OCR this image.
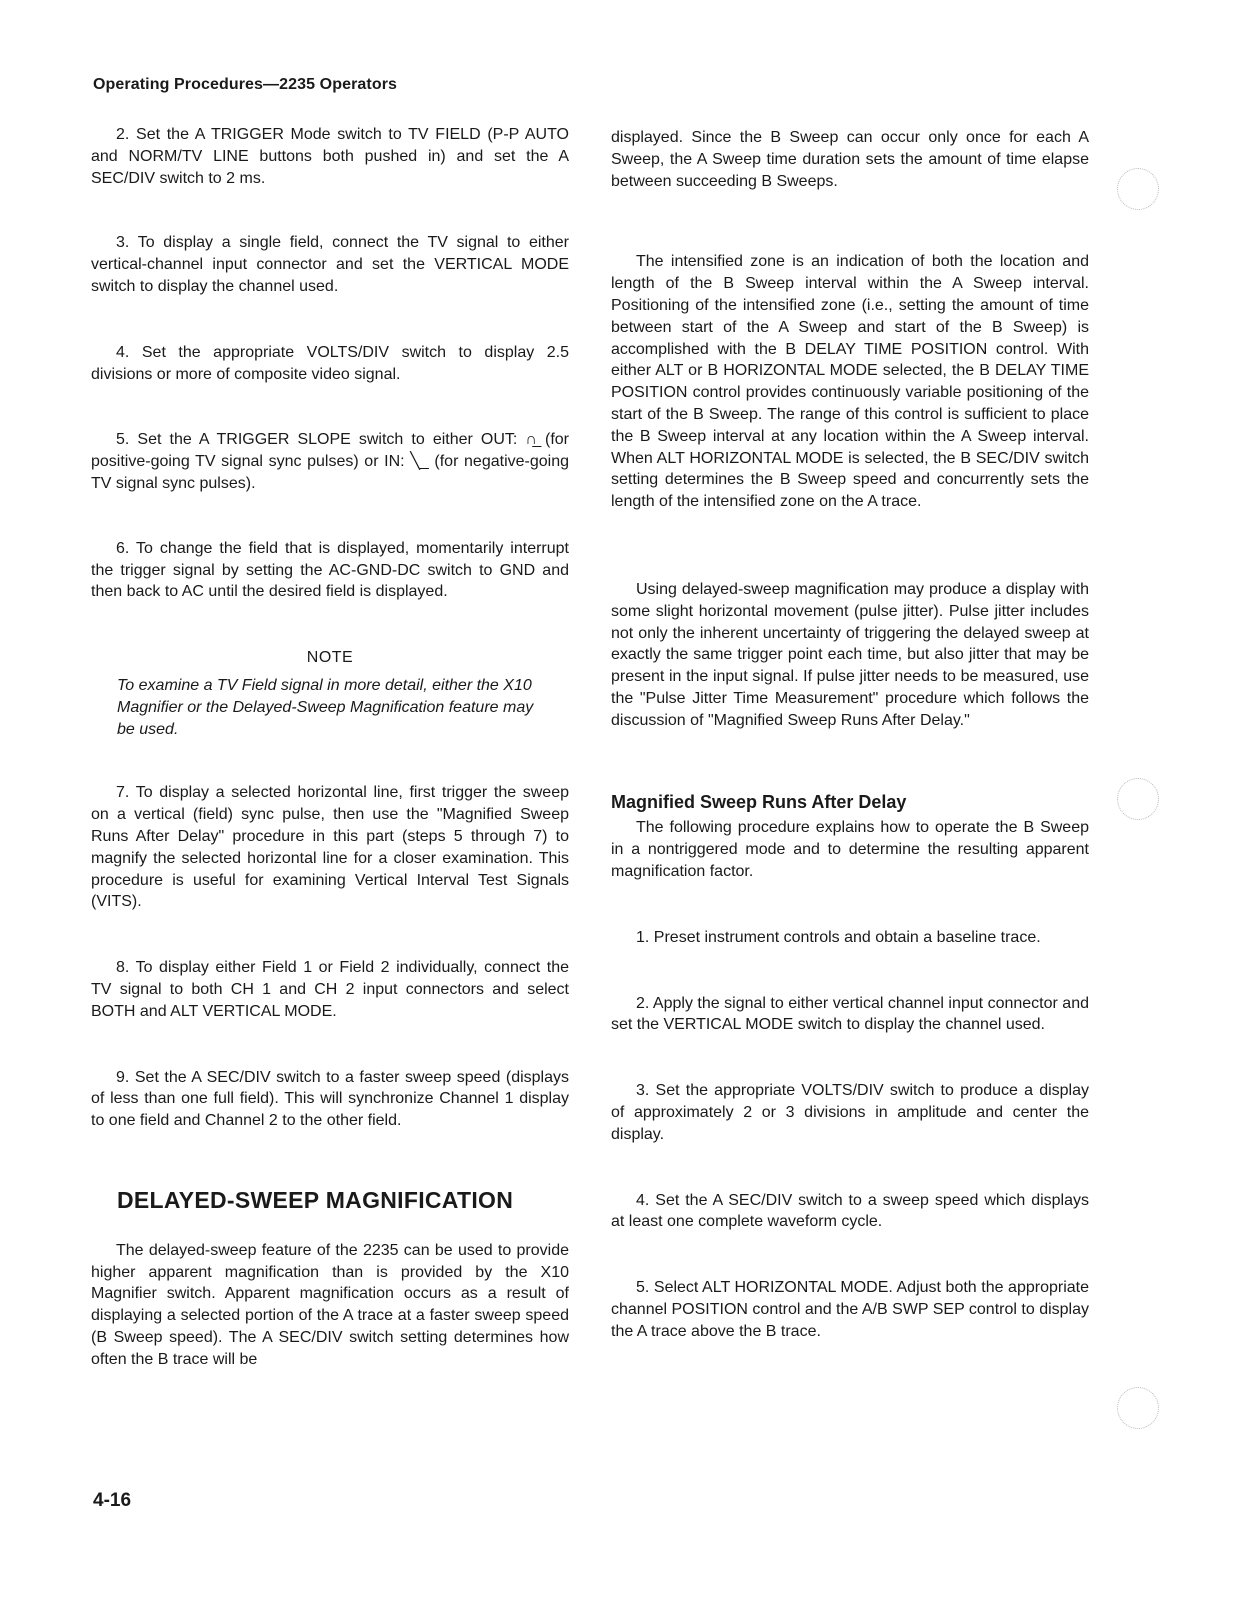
Operating Procedures—2235 Operators

2. Set the A TRIGGER Mode switch to TV FIELD (P-P AUTO and NORM/TV LINE buttons both pushed in) and set the A SEC/DIV switch to 2 ms.

3. To display a single field, connect the TV signal to either vertical-channel input connector and set the VERTICAL MODE switch to display the channel used.

4. Set the appropriate VOLTS/DIV switch to display 2.5 divisions or more of composite video signal.

5. Set the A TRIGGER SLOPE switch to either OUT: ∩̲ (for positive-going TV signal sync pulses) or IN: ╲_ (for negative-going TV signal sync pulses).

6. To change the field that is displayed, momentarily interrupt the trigger signal by setting the AC-GND-DC switch to GND and then back to AC until the desired field is displayed.

NOTE

To examine a TV Field signal in more detail, either the X10 Magnifier or the Delayed-Sweep Magnification feature may be used.

7. To display a selected horizontal line, first trigger the sweep on a vertical (field) sync pulse, then use the "Magnified Sweep Runs After Delay" procedure in this part (steps 5 through 7) to magnify the selected horizontal line for a closer examination. This procedure is useful for examining Vertical Interval Test Signals (VITS).

8. To display either Field 1 or Field 2 individually, connect the TV signal to both CH 1 and CH 2 input connectors and select BOTH and ALT VERTICAL MODE.

9. Set the A SEC/DIV switch to a faster sweep speed (displays of less than one full field). This will synchronize Channel 1 display to one field and Channel 2 to the other field.

DELAYED-SWEEP MAGNIFICATION

The delayed-sweep feature of the 2235 can be used to provide higher apparent magnification than is provided by the X10 Magnifier switch. Apparent magnification occurs as a result of displaying a selected portion of the A trace at a faster sweep speed (B Sweep speed). The A SEC/DIV switch setting determines how often the B trace will be

displayed. Since the B Sweep can occur only once for each A Sweep, the A Sweep time duration sets the amount of time elapse between succeeding B Sweeps.

The intensified zone is an indication of both the location and length of the B Sweep interval within the A Sweep interval. Positioning of the intensified zone (i.e., setting the amount of time between start of the A Sweep and start of the B Sweep) is accomplished with the B DELAY TIME POSITION control. With either ALT or B HORIZONTAL MODE selected, the B DELAY TIME POSITION control provides continuously variable positioning of the start of the B Sweep. The range of this control is sufficient to place the B Sweep interval at any location within the A Sweep interval. When ALT HORIZONTAL MODE is selected, the B SEC/DIV switch setting determines the B Sweep speed and concurrently sets the length of the intensified zone on the A trace.

Using delayed-sweep magnification may produce a display with some slight horizontal movement (pulse jitter). Pulse jitter includes not only the inherent uncertainty of triggering the delayed sweep at exactly the same trigger point each time, but also jitter that may be present in the input signal. If pulse jitter needs to be measured, use the "Pulse Jitter Time Measurement" procedure which follows the discussion of "Magnified Sweep Runs After Delay."

Magnified Sweep Runs After Delay

The following procedure explains how to operate the B Sweep in a nontriggered mode and to determine the resulting apparent magnification factor.

1. Preset instrument controls and obtain a baseline trace.

2. Apply the signal to either vertical channel input connector and set the VERTICAL MODE switch to display the channel used.

3. Set the appropriate VOLTS/DIV switch to produce a display of approximately 2 or 3 divisions in amplitude and center the display.

4. Set the A SEC/DIV switch to a sweep speed which displays at least one complete waveform cycle.

5. Select ALT HORIZONTAL MODE. Adjust both the appropriate channel POSITION control and the A/B SWP SEP control to display the A trace above the B trace.

4-16
